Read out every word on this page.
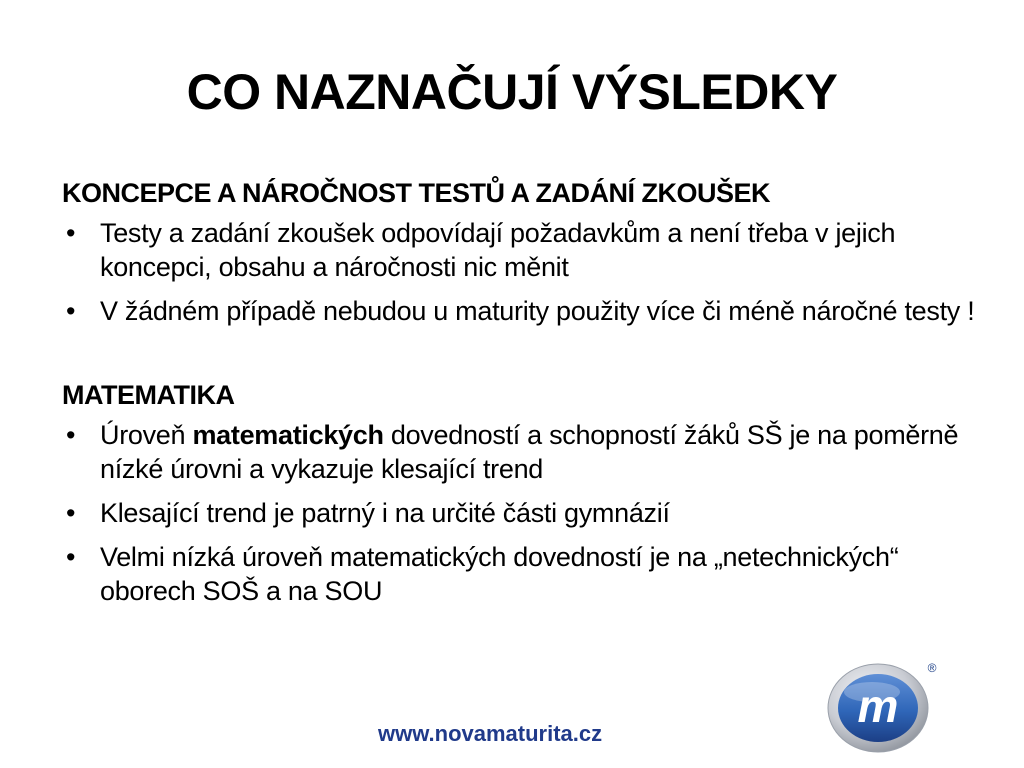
CO NAZNAČUJÍ VÝSLEDKY
KONCEPCE A NÁROČNOST TESTŮ A ZADÁNÍ ZKOUŠEK
• Testy a zadání zkoušek odpovídají požadavkům a není třeba v jejich koncepci, obsahu a náročnosti nic měnit
• V žádném případě nebudou u maturity použity více či méně náročné testy !
MATEMATIKA
• Úroveň matematických dovedností a schopností žáků SŠ je na poměrně nízké úrovni a vykazuje klesající trend
• Klesající trend je patrný i na určité části gymnázií
• Velmi nízká úroveň matematických dovedností je na „netechnických“ oborech SOŠ a na SOU
www.novamaturita.cz
m
®
